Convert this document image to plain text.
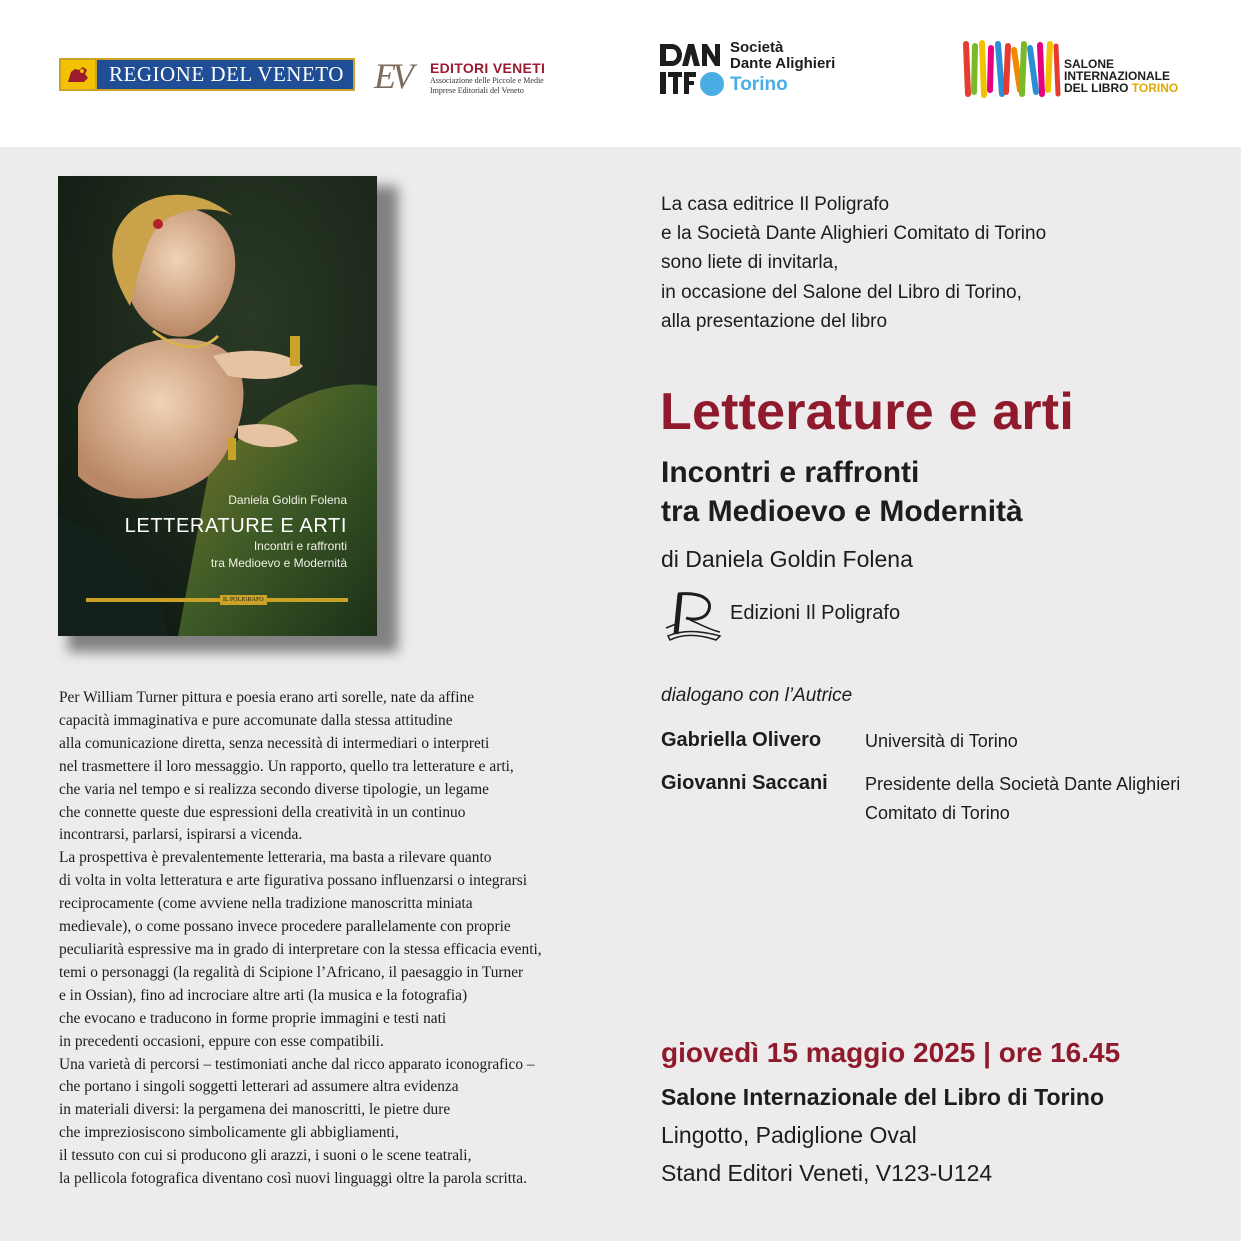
REGIONE DEL VENETO EV EDITORI VENETI
Associazione delle Piccole e Medie Imprese Editoriali del Veneto
Società
Dante Alighieri
Torino
SALONE
INTERNAZIONALE
DEL LIBRO TORINO
Daniela Goldin Folena
LETTERATURE E ARTI
Incontri e raffronti
tra Medioevo e Modernità
IL POLIGRAFO
Per William Turner pittura e poesia erano arti sorelle, nate da affine
capacità immaginativa e pure accomunate dalla stessa attitudine
alla comunicazione diretta, senza necessità di intermediari o interpreti
nel trasmettere il loro messaggio. Un rapporto, quello tra letterature e arti,
che varia nel tempo e si realizza secondo diverse tipologie, un legame
che connette queste due espressioni della creatività in un continuo
incontrarsi, parlarsi, ispirarsi a vicenda.
La prospettiva è prevalentemente letteraria, ma basta a rilevare quanto
di volta in volta letteratura e arte figurativa possano influenzarsi o integrarsi
reciprocamente (come avviene nella tradizione manoscritta miniata
medievale), o come possano invece procedere parallelamente con proprie
peculiarità espressive ma in grado di interpretare con la stessa efficacia eventi,
temi o personaggi (la regalità di Scipione l’Africano, il paesaggio in Turner
e in Ossian), fino ad incrociare altre arti (la musica e la fotografia)
che evocano e traducono in forme proprie immagini e testi nati
in precedenti occasioni, eppure con esse compatibili.
Una varietà di percorsi – testimoniati anche dal ricco apparato iconografico –
che portano i singoli soggetti letterari ad assumere altra evidenza
in materiali diversi: la pergamena dei manoscritti, le pietre dure
che impreziosiscono simbolicamente gli abbigliamenti,
il tessuto con cui si producono gli arazzi, i suoni o le scene teatrali,
la pellicola fotografica diventano così nuovi linguaggi oltre la parola scritta.
La casa editrice Il Poligrafo
e la Società Dante Alighieri Comitato di Torino
sono liete di invitarla,
in occasione del Salone del Libro di Torino,
alla presentazione del libro
Letterature e arti
Incontri e raffronti
tra Medioevo e Modernità
di Daniela Goldin Folena
Edizioni Il Poligrafo
dialogano con l’Autrice
Gabriella Olivero Università di Torino
Giovanni Saccani Presidente della Società Dante Alighieri
Comitato di Torino
giovedì 15 maggio 2025 | ore 16.45
Salone Internazionale del Libro di Torino
Lingotto, Padiglione Oval
Stand Editori Veneti, V123-U124
